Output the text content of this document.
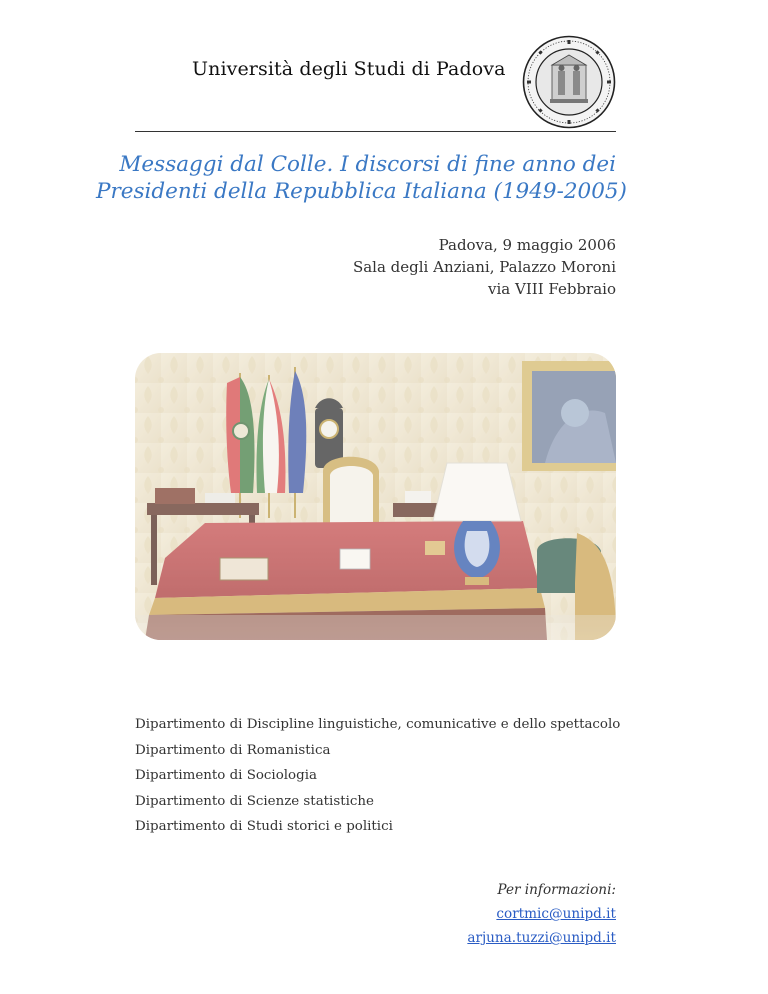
Università degli Studi di Padova
Messaggi dal Colle. I discorsi di fine anno dei
Presidenti della Repubblica Italiana (1949-2005)
Padova, 9 maggio 2006
Sala degli Anziani, Palazzo Moroni
via VIII Febbraio
Dipartimento di Discipline linguistiche, comunicative e dello spettacolo
Dipartimento di Romanistica
Dipartimento di Sociologia
Dipartimento di Scienze statistiche
Dipartimento di Studi storici e politici
Per informazioni:
cortmic@unipd.it
arjuna.tuzzi@unipd.it
